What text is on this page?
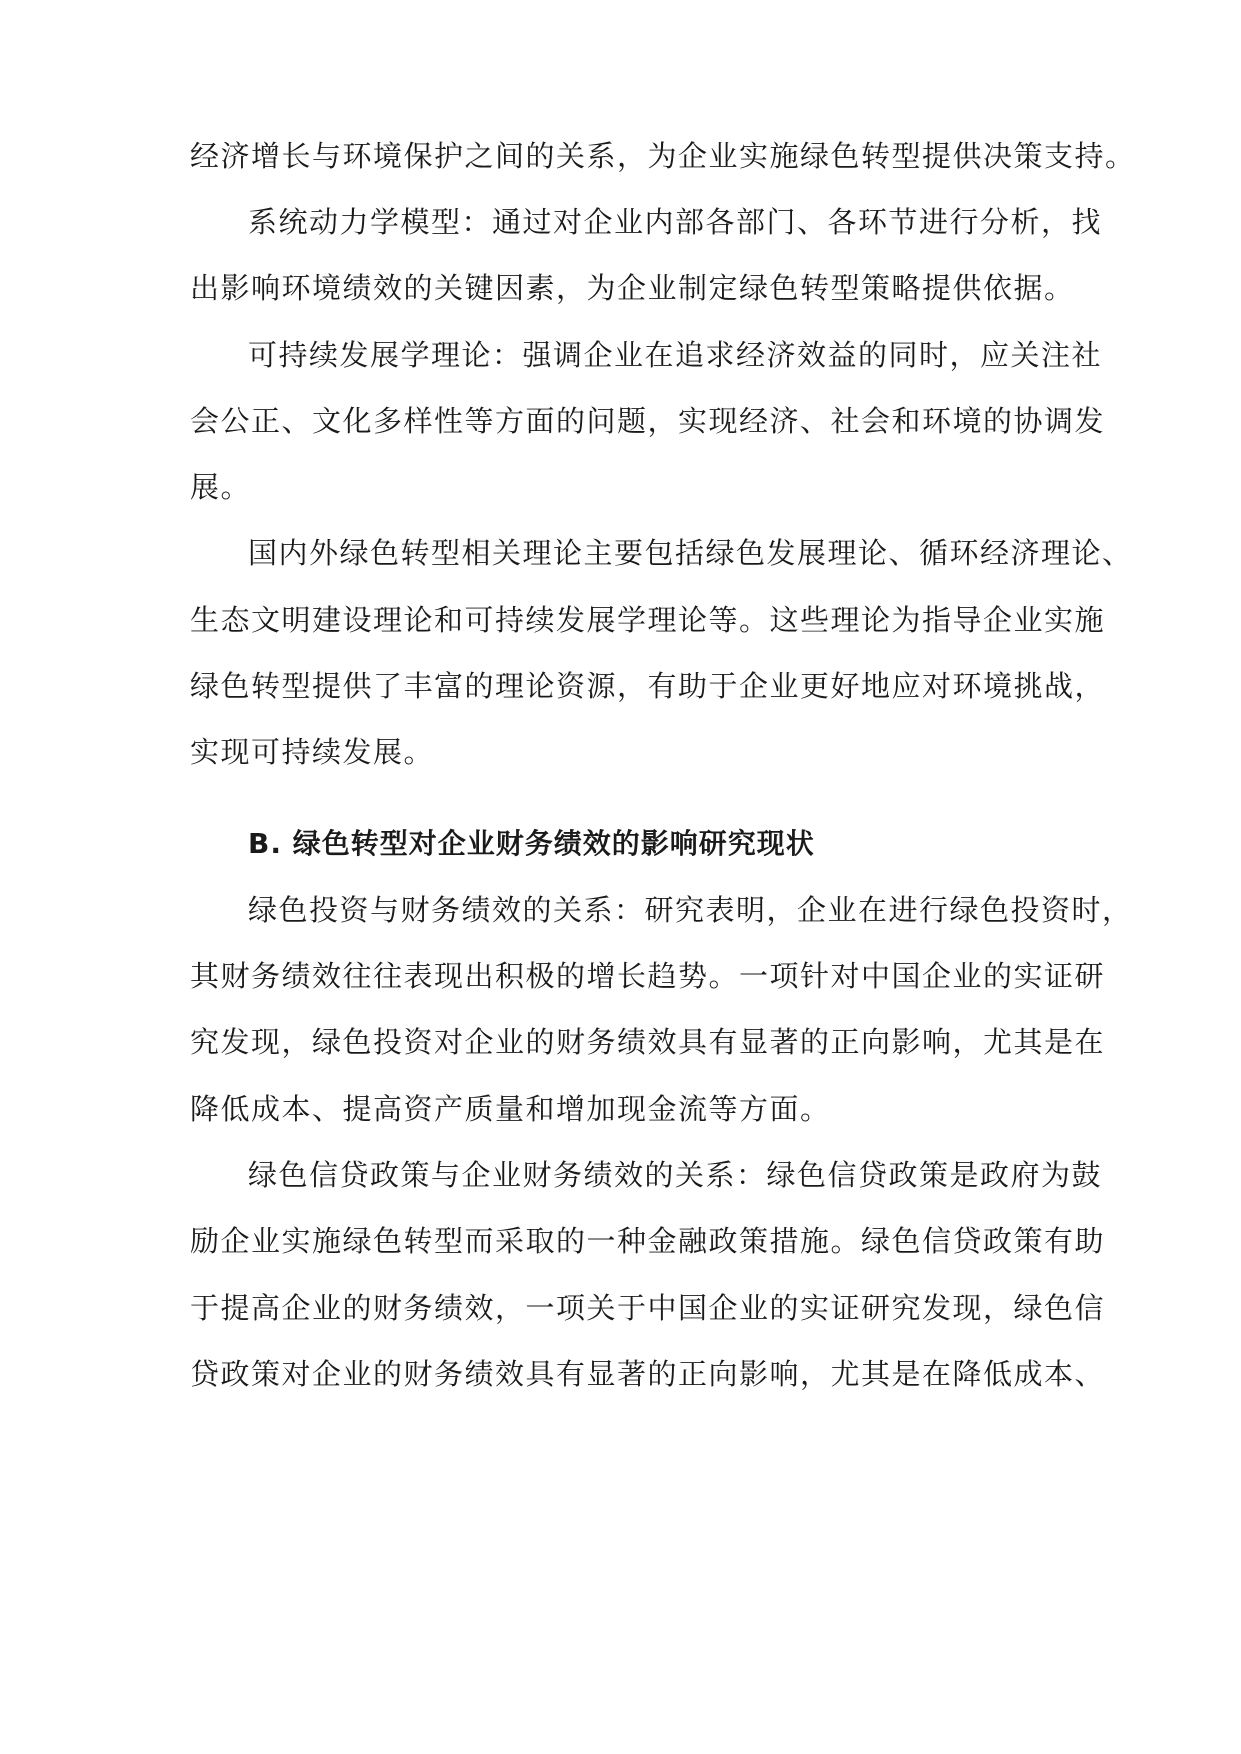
经济增长与环境保护之间的关系，为企业实施绿色转型提供决策支持。
系统动力学模型：通过对企业内部各部门、各环节进行分析，找
出影响环境绩效的关键因素，为企业制定绿色转型策略提供依据。
可持续发展学理论：强调企业在追求经济效益的同时，应关注社
会公正、文化多样性等方面的问题，实现经济、社会和环境的协调发
展。
国内外绿色转型相关理论主要包括绿色发展理论、循环经济理论、
生态文明建设理论和可持续发展学理论等。这些理论为指导企业实施
绿色转型提供了丰富的理论资源，有助于企业更好地应对环境挑战，
实现可持续发展。
B. 绿色转型对企业财务绩效的影响研究现状
绿色投资与财务绩效的关系：研究表明，企业在进行绿色投资时，
其财务绩效往往表现出积极的增长趋势。一项针对中国企业的实证研
究发现，绿色投资对企业的财务绩效具有显著的正向影响，尤其是在
降低成本、提高资产质量和增加现金流等方面。
绿色信贷政策与企业财务绩效的关系：绿色信贷政策是政府为鼓
励企业实施绿色转型而采取的一种金融政策措施。绿色信贷政策有助
于提高企业的财务绩效，一项关于中国企业的实证研究发现，绿色信
贷政策对企业的财务绩效具有显著的正向影响，尤其是在降低成本、
